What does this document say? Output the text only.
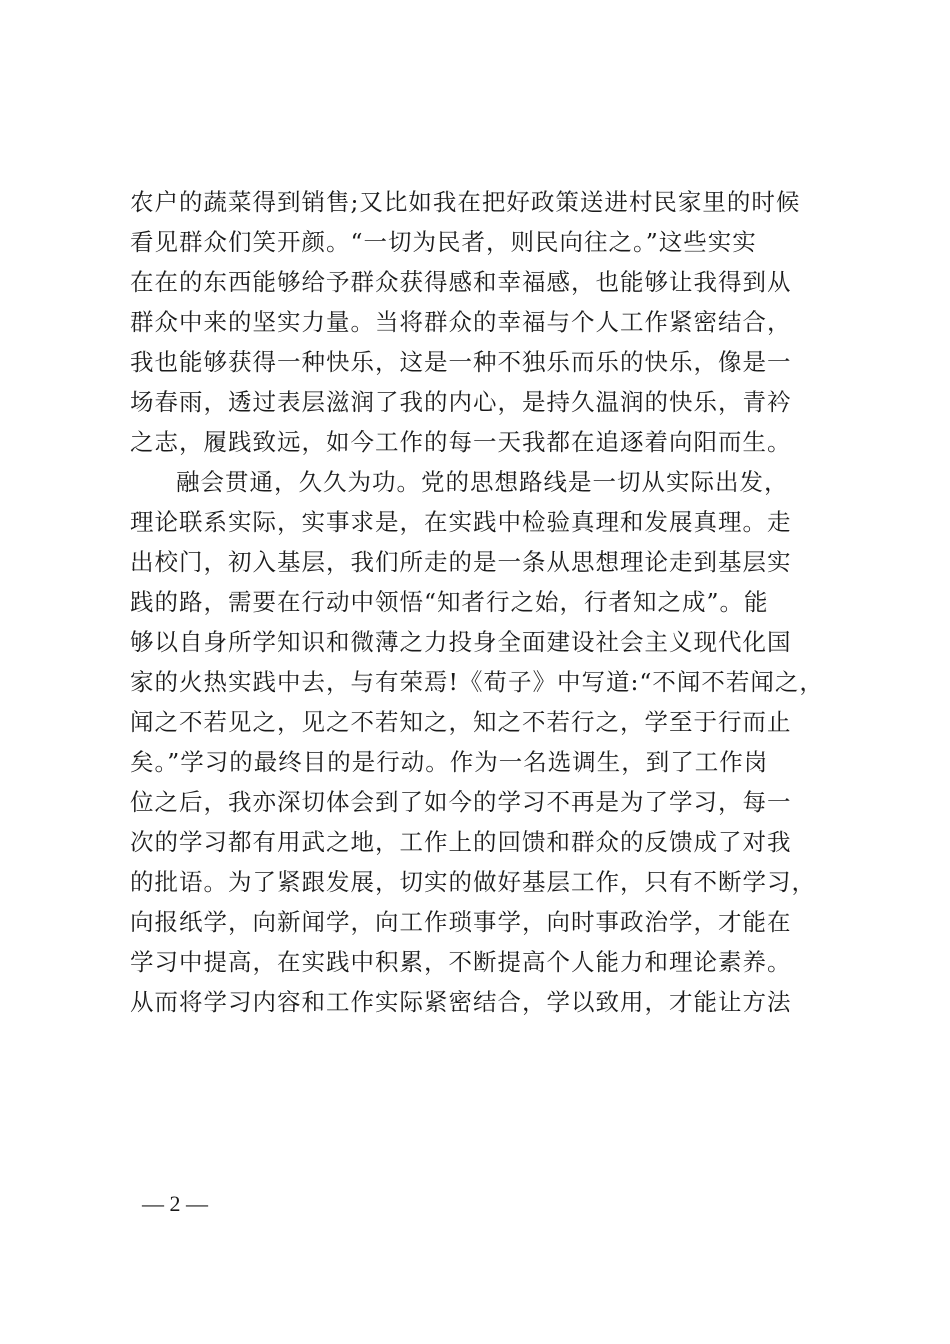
农户的蔬菜得到销售;又比如我在把好政策送进村民家里的时候
看见群众们笑开颜。“一切为民者，则民向往之。”这些实实
在在的东西能够给予群众获得感和幸福感，也能够让我得到从
群众中来的坚实力量。当将群众的幸福与个人工作紧密结合，
我也能够获得一种快乐，这是一种不独乐而乐的快乐，像是一
场春雨，透过表层滋润了我的内心，是持久温润的快乐，青衿
之志，履践致远，如今工作的每一天我都在追逐着向阳而生。
融会贯通，久久为功。党的思想路线是一切从实际出发，
理论联系实际，实事求是，在实践中检验真理和发展真理。走
出校门，初入基层，我们所走的是一条从思想理论走到基层实
践的路，需要在行动中领悟“知者行之始，行者知之成”。能
够以自身所学知识和微薄之力投身全面建设社会主义现代化国
家的火热实践中去，与有荣焉!《荀子》中写道:“不闻不若闻之，
闻之不若见之，见之不若知之，知之不若行之，学至于行而止
矣。”学习的最终目的是行动。作为一名选调生，到了工作岗
位之后，我亦深切体会到了如今的学习不再是为了学习，每一
次的学习都有用武之地，工作上的回馈和群众的反馈成了对我
的批语。为了紧跟发展，切实的做好基层工作，只有不断学习，
向报纸学，向新闻学，向工作琐事学，向时事政治学，才能在
学习中提高，在实践中积累，不断提高个人能力和理论素养。
从而将学习内容和工作实际紧密结合，学以致用，才能让方法
— 2 —
